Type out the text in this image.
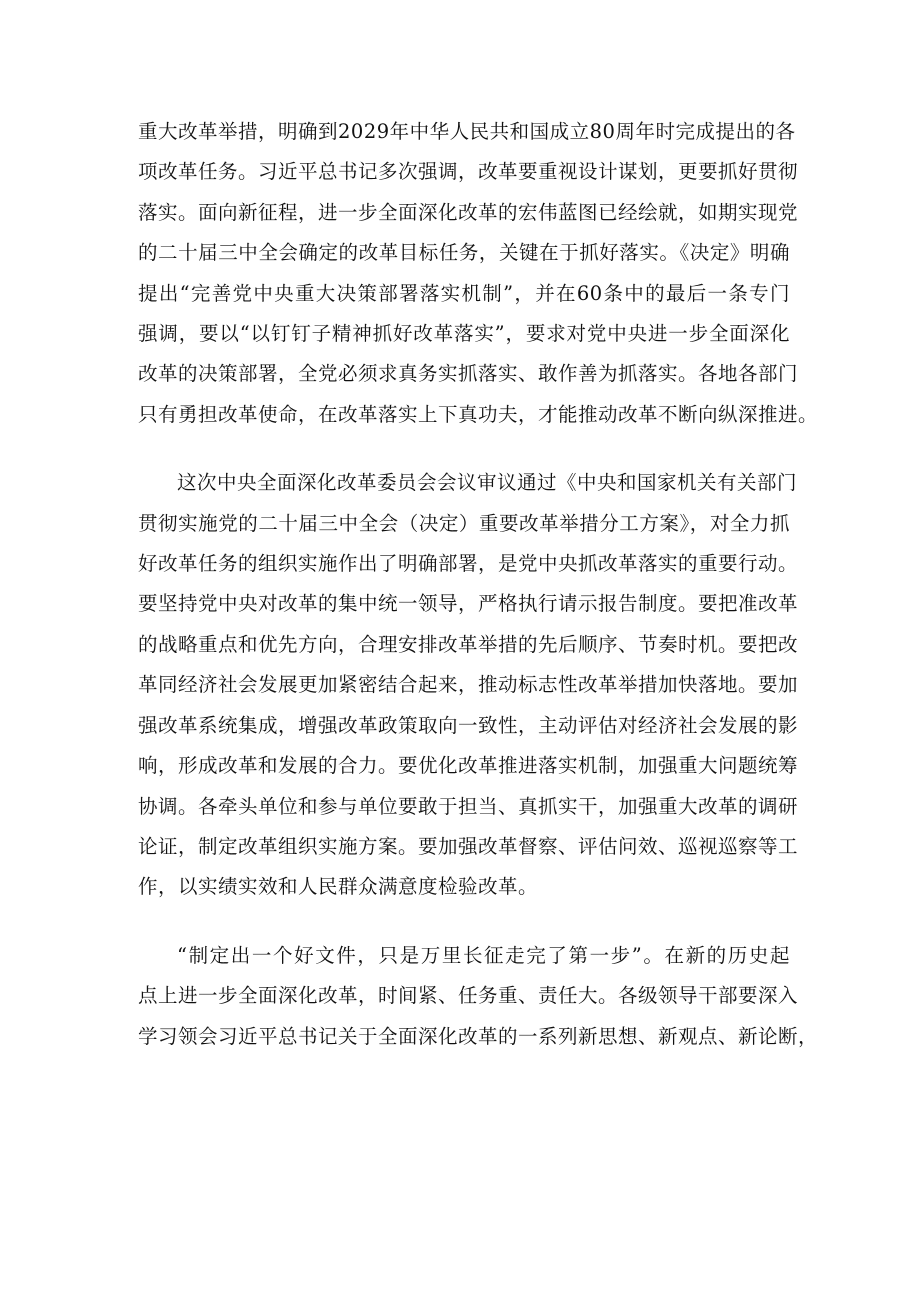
重大改革举措，明确到2029年中华人民共和国成立80周年时完成提出的各
项改革任务。习近平总书记多次强调，改革要重视设计谋划，更要抓好贯彻
落实。面向新征程，进一步全面深化改革的宏伟蓝图已经绘就，如期实现党
的二十届三中全会确定的改革目标任务，关键在于抓好落实。《决定》明确
提出“完善党中央重大决策部署落实机制”，并在60条中的最后一条专门
强调，要以“以钉钉子精神抓好改革落实”，要求对党中央进一步全面深化
改革的决策部署，全党必须求真务实抓落实、敢作善为抓落实。各地各部门
只有勇担改革使命，在改革落实上下真功夫，才能推动改革不断向纵深推进。
这次中央全面深化改革委员会会议审议通过《中央和国家机关有关部门
贯彻实施党的二十届三中全会（决定）重要改革举措分工方案》，对全力抓
好改革任务的组织实施作出了明确部署，是党中央抓改革落实的重要行动。
要坚持党中央对改革的集中统一领导，严格执行请示报告制度。要把准改革
的战略重点和优先方向，合理安排改革举措的先后顺序、节奏时机。要把改
革同经济社会发展更加紧密结合起来，推动标志性改革举措加快落地。要加
强改革系统集成，增强改革政策取向一致性，主动评估对经济社会发展的影
响，形成改革和发展的合力。要优化改革推进落实机制，加强重大问题统筹
协调。各牵头单位和参与单位要敢于担当、真抓实干，加强重大改革的调研
论证，制定改革组织实施方案。要加强改革督察、评估问效、巡视巡察等工
作，以实绩实效和人民群众满意度检验改革。
“制定出一个好文件，只是万里长征走完了第一步”。在新的历史起
点上进一步全面深化改革，时间紧、任务重、责任大。各级领导干部要深入
学习领会习近平总书记关于全面深化改革的一系列新思想、新观点、新论断，
